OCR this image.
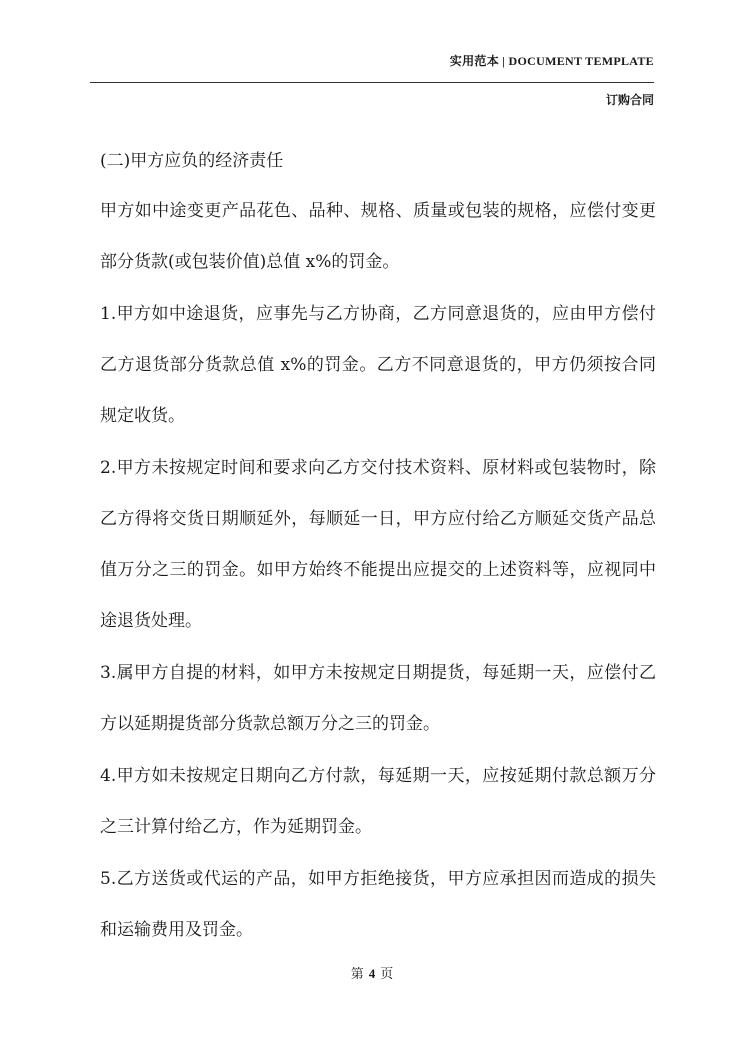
实用范本 | DOCUMENT TEMPLATE
订购合同

(二)甲方应负的经济责任

甲方如中途变更产品花色、品种、规格、质量或包装的规格，应偿付变更部分货款(或包装价值)总值 x%的罚金。

1.甲方如中途退货，应事先与乙方协商，乙方同意退货的，应由甲方偿付乙方退货部分货款总值 x%的罚金。乙方不同意退货的，甲方仍须按合同规定收货。

2.甲方未按规定时间和要求向乙方交付技术资料、原材料或包装物时，除乙方得将交货日期顺延外，每顺延一日，甲方应付给乙方顺延交货产品总值万分之三的罚金。如甲方始终不能提出应提交的上述资料等，应视同中途退货处理。

3.属甲方自提的材料，如甲方未按规定日期提货，每延期一天，应偿付乙方以延期提货部分货款总额万分之三的罚金。

4.甲方如未按规定日期向乙方付款，每延期一天，应按延期付款总额万分之三计算付给乙方，作为延期罚金。

5.乙方送货或代运的产品，如甲方拒绝接货，甲方应承担因而造成的损失和运输费用及罚金。

第 4 页
